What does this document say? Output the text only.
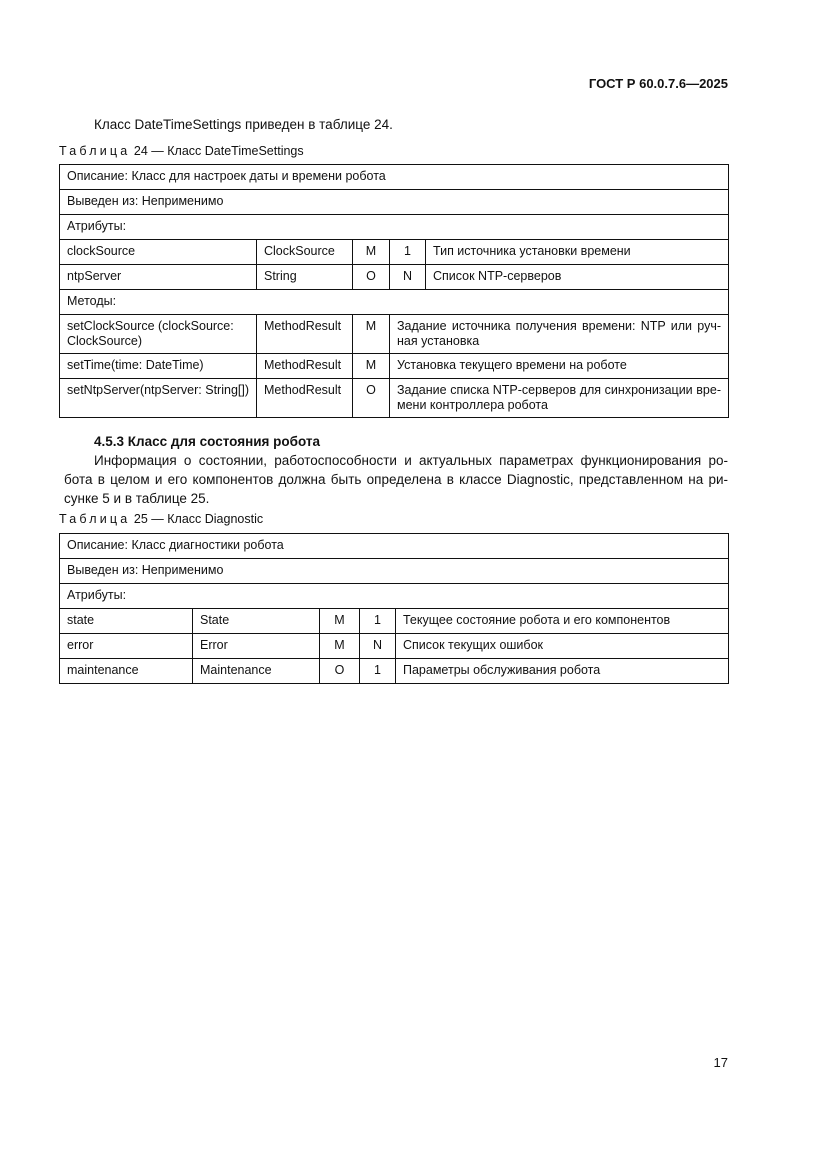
ГОСТ Р 60.0.7.6—2025
Класс DateTimeSettings приведен в таблице 24.
Таблица 24 — Класс DateTimeSettings
Описание: Класс для настроек даты и времени робота				
Выведен из: Неприменимо				
Атрибуты:				
clockSource	ClockSource	M	1	Тип источника установки времени
ntpServer	String	O	N	Список NTP-серверов
Методы:				
setClockSource (clockSource: ClockSource)	MethodResult	M	Задание источника получения времени: NTP или руч-ная установка	
setTime(time: DateTime)	MethodResult	M	Установка текущего времени на роботе	
setNtpServer(ntpServer: String[])	MethodResult	O	Задание списка NTP-серверов для синхронизации вре-мени контроллера робота	
4.5.3 Класс для состояния робота
Информация о состоянии, работоспособности и актуальных параметрах функционирования ро-бота в целом и его компонентов должна быть определена в классе Diagnostic, представленном на ри-сунке 5 и в таблице 25.
Таблица 25 — Класс Diagnostic
Описание: Класс диагностики робота				
Выведен из: Неприменимо				
Атрибуты:				
state	State	M	1	Текущее состояние робота и его компонентов
error	Error	M	N	Список текущих ошибок
maintenance	Maintenance	O	1	Параметры обслуживания робота
17
